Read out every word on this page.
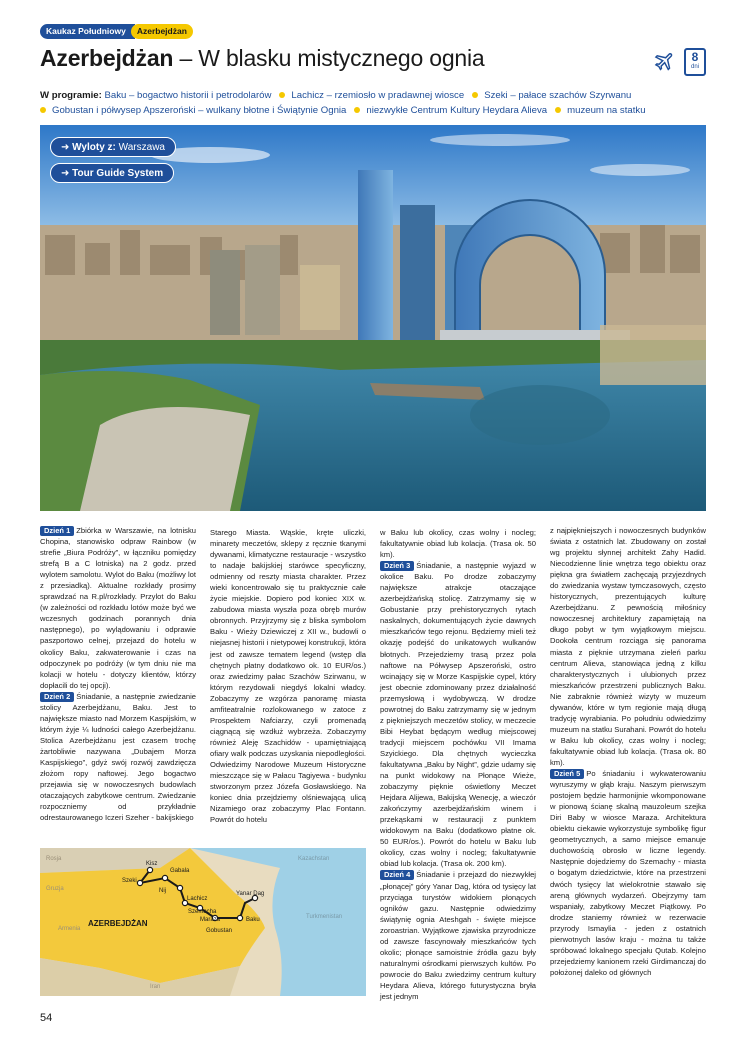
Kaukaz Południowy	Azerbejdżan
Azerbejdżan – W blasku mistycznego ognia	8
dni
W programie: Baku – bogactwo historii i petrodolarów Lachicz – rzemiosło w pradawnej wiosce Szeki – pałace szachów Szyrwanu
Gobustan i półwysep Apszeroński – wulkany błotne i Świątynie Ognia niezwykłe Centrum Kultury Heydara Alieva muzeum na statku
➜ Wyloty z: Warszawa
➜ Tour Guide System

Dzień 1 Zbiórka w Warszawie, na lotnisku Chopina, stanowisko odpraw Rainbow (w strefie „Biura Podróży”, w łączniku pomiędzy strefą B a C lotniska) na 2 godz. przed wylotem samolotu. Wylot do Baku (możliwy lot z przesiadką). Aktualne rozkłady prosimy sprawdzać na R.pl/rozkłady. Przylot do Baku (w zależności od rozkładu lotów może być we wczesnych godzinach porannych dnia następnego), po wylądowaniu i odprawie paszportowo celnej, przejazd do hotelu w okolicy Baku, zakwaterowanie i czas na odpoczynek po podróży (w tym dniu nie ma kolacji w hotelu - dotyczy klientów, którzy dopłacili do tej opcji).

Dzień 2 Śniadanie, a następnie zwiedzanie stolicy Azerbejdżanu, Baku. Jest to największe miasto nad Morzem Kaspijskim, w którym żyje ¼ ludności całego Azerbejdżanu. Stolica Azerbejdżanu jest czasem trochę żartobliwie nazywana „Dubajem Morza Kaspijskiego”, gdyż swój rozwój zawdzięcza złożom ropy naftowej. Jego bogactwo przejawia się w nowoczesnych budowlach otaczających zabytkowe centrum. Zwiedzanie rozpoczniemy od przykładnie odrestaurowanego Iczeri Szeher - bakijskiego

Starego Miasta. Wąskie, kręte uliczki, minarety meczetów, sklepy z ręcznie tkanymi dywanami, klimatyczne restauracje - wszystko to nadaje bakijskiej starówce specyficzny, odmienny od reszty miasta charakter. Przez wieki koncentrowało się tu praktycznie całe życie miejskie. Dopiero pod koniec XIX w. zabudowa miasta wyszła poza obręb murów obronnych. Przyjrzymy się z bliska symbolom Baku - Wieży Dziewiczej z XII w., budowli o niejasnej historii i nietypowej konstrukcji, która jest od zawsze tematem legend (wstęp dla chętnych płatny dodatkowo ok. 10 EUR/os.) oraz zwiedzimy pałac Szachów Szirwanu, w którym rezydowali niegdyś lokalni władcy. Zobaczymy ze wzgórza panoramę miasta amfiteatralnie rozlokowanego w zatoce z Prospektem Nafciarzy, czyli promenadą ciągnącą się wzdłuż wybrzeża. Zobaczymy również Aleję Szachidów - upamiętniającą ofiary walk podczas uzyskania niepodległości. Odwiedzimy Narodowe Muzeum Historyczne mieszczące się w Pałacu Tagiyewa - budynku stworzonym przez Józefa Gosławskiego. Na koniec dnia przejdziemy olśniewającą ulicą Nizamiego oraz zobaczymy Plac Fontann. Powrót do hotelu

w Baku lub okolicy, czas wolny i nocleg; fakultatywnie obiad lub kolacja. (Trasa ok. 50 km).

Dzień 3 Śniadanie, a następnie wyjazd w okolice Baku. Po drodze zobaczymy największe atrakcje otaczające azerbejdżańską stolicę. Zatrzymamy się w Gobustanie przy prehistorycznych rytach naskalnych, dokumentujących życie dawnych mieszkańców tego rejonu. Będziemy mieli też okazję podejść do unikatowych wulkanów błotnych. Przejedziemy trasą przez pola naftowe na Półwysep Apszeroński, ostro wcinający się w Morze Kaspijskie cypel, który jest obecnie zdominowany przez działalność przemysłową i wydobywczą. W drodze powrotnej do Baku zatrzymamy się w jednym z piękniejszych meczetów stolicy, w meczecie Bibi Heybat będącym według miejscowej tradycji miejscem pochówku VII Imama Szyickiego. Dla chętnych wycieczka fakultatywna „Baku by Night”, gdzie udamy się na punkt widokowy na Płonące Wieże, zobaczymy pięknie oświetlony Meczet Hejdara Alijewa, Bakijską Wenecję, a wieczór zakończymy azerbejdżańskim winem i przekąskami w restauracji z punktem widokowym na Baku (dodatkowo płatne ok. 50 EUR/os.). Powrót do hotelu w Baku lub okolicy, czas wolny i nocleg; fakultatywnie obiad lub kolacja. (Trasa ok. 200 km).

Dzień 4 Śniadanie i przejazd do niezwykłej „płonącej” góry Yanar Dag, która od tysięcy lat przyciąga turystów widokiem płonących ogników gazu. Następnie odwiedzimy świątynię ognia Ateshgah - święte miejsce zoroastrian. Wyjątkowe zjawiska przyrodnicze od zawsze fascynowały mieszkańców tych okolic; płonące samoistnie źródła gazu były naturalnymi ośrodkami pierwszych kultów. Po powrocie do Baku zwiedzimy centrum kultury Heydara Alieva, którego futurystyczna bryła jest jednym

z najpiękniejszych i nowoczesnych budynków świata z ostatnich lat. Zbudowany on został wg projektu słynnej architekt Zahy Hadid. Niecodzienne linie wnętrza tego obiektu oraz piękna gra światłem zachęcają przyjezdnych do zwiedzania wystaw tymczasowych, często historycznych, prezentujących kulturę Azerbejdżanu. Z pewnością miłośnicy nowoczesnej architektury zapamiętają na długo pobyt w tym wyjątkowym miejscu. Dookoła centrum rozciąga się panorama miasta z pięknie utrzymana zieleń parku centrum Alieva, stanowiąca jedną z kilku charakterystycznych i ulubionych przez mieszkańców przestrzeni publicznych Baku. Nie zabraknie również wizyty w muzeum dywanów, które w tym regionie mają długą tradycję wyrabiania. Po południu odwiedzimy muzeum na statku Surahani. Powrót do hotelu w Baku lub okolicy, czas wolny i nocleg; fakultatywnie obiad lub kolacja. (Trasa ok. 80 km).

Dzień 5 Po śniadaniu i wykwaterowaniu wyruszymy w głąb kraju. Naszym pierwszym postojem będzie harmonijnie wkomponowane w pionową ścianę skalną mauzoleum szejka Diri Baby w wiosce Maraza. Architektura obiektu ciekawie wykorzystuje symbolikę figur geometrycznych, a samo miejsce emanuje duchowością obrosło w liczne legendy. Następnie dojedziemy do Szemachy - miasta o bogatym dziedzictwie, które na przestrzeni dwóch tysięcy lat wielokrotnie stawało się areną głównych wydarzeń. Obejrzymy tam wspaniały, zabytkowy Meczet Piątkowy. Po drodze staniemy również w rezerwacie przyrody Ismaylia - jeden z ostatnich pierwotnych lasów kraju - można tu także spróbować lokalnego specjału Qutab. Kolejno przejedziemy kanionem rzeki Girdimanczaj do położonej daleko od głównych

Rosja
Gruzja
Armenia
Iran
Kazachstan
Turkmenistan
AZERBEJDŻAN
Kisz
Szeki
Gabala
Nij
Lachicz
Szemacha
Maraza
Yanar Dag
Baku
Gobustan
54
